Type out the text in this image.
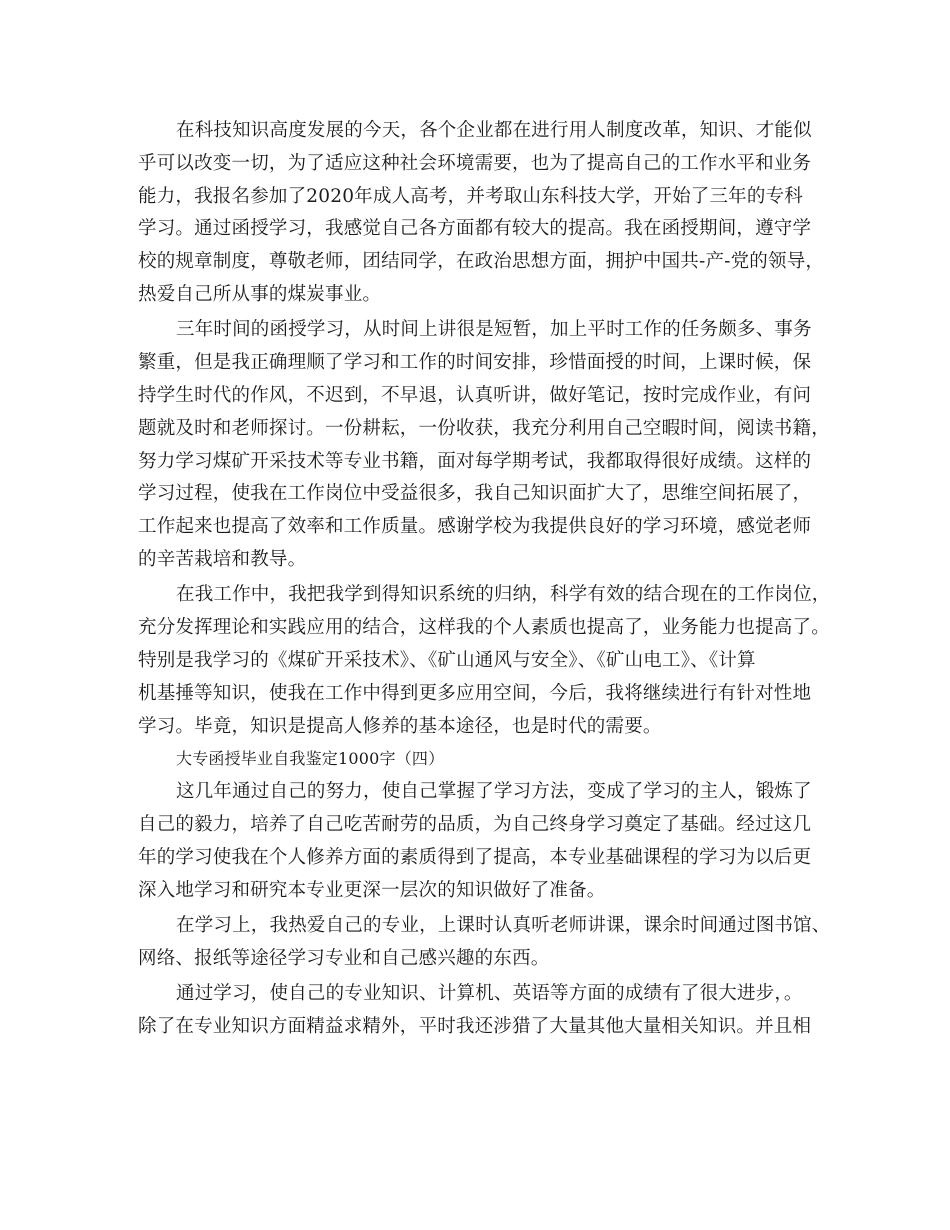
在科技知识高度发展的今天，各个企业都在进行用人制度改革，知识、才能似
乎可以改变一切，为了适应这种社会环境需要，也为了提高自己的工作水平和业务
能力，我报名参加了2020年成人高考，并考取山东科技大学，开始了三年的专科
学习。通过函授学习，我感觉自己各方面都有较大的提高。我在函授期间，遵守学
校的规章制度，尊敬老师，团结同学，在政治思想方面，拥护中国共-产-党的领导，
热爱自己所从事的煤炭事业。
三年时间的函授学习，从时间上讲很是短暂，加上平时工作的任务颇多、事务
繁重，但是我正确理顺了学习和工作的时间安排，珍惜面授的时间，上课时候，保
持学生时代的作风，不迟到，不早退，认真听讲，做好笔记，按时完成作业，有问
题就及时和老师探讨。一份耕耘，一份收获，我充分利用自己空暇时间，阅读书籍，
努力学习煤矿开采技术等专业书籍，面对每学期考试，我都取得很好成绩。这样的
学习过程，使我在工作岗位中受益很多，我自己知识面扩大了，思维空间拓展了，
工作起来也提高了效率和工作质量。感谢学校为我提供良好的学习环境，感觉老师
的辛苦栽培和教导。
在我工作中，我把我学到得知识系统的归纳，科学有效的结合现在的工作岗位，
充分发挥理论和实践应用的结合，这样我的个人素质也提高了，业务能力也提高了。
特别是我学习的《煤矿开采技术》、《矿山通风与安全》、《矿山电工》、《计算
机基捶等知识，使我在工作中得到更多应用空间，今后，我将继续进行有针对性地
学习。毕竟，知识是提高人修养的基本途径，也是时代的需要。
大专函授毕业自我鉴定1000字（四）
这几年通过自己的努力，使自己掌握了学习方法，变成了学习的主人，锻炼了
自己的毅力，培养了自己吃苦耐劳的品质，为自己终身学习奠定了基础。经过这几
年的学习使我在个人修养方面的素质得到了提高，本专业基础课程的学习为以后更
深入地学习和研究本专业更深一层次的知识做好了准备。
在学习上，我热爱自己的专业，上课时认真听老师讲课，课余时间通过图书馆、
网络、报纸等途径学习专业和自己感兴趣的东西。
通过学习，使自己的专业知识、计算机、英语等方面的成绩有了很大进步，。
除了在专业知识方面精益求精外，平时我还涉猎了大量其他大量相关知识。并且相
